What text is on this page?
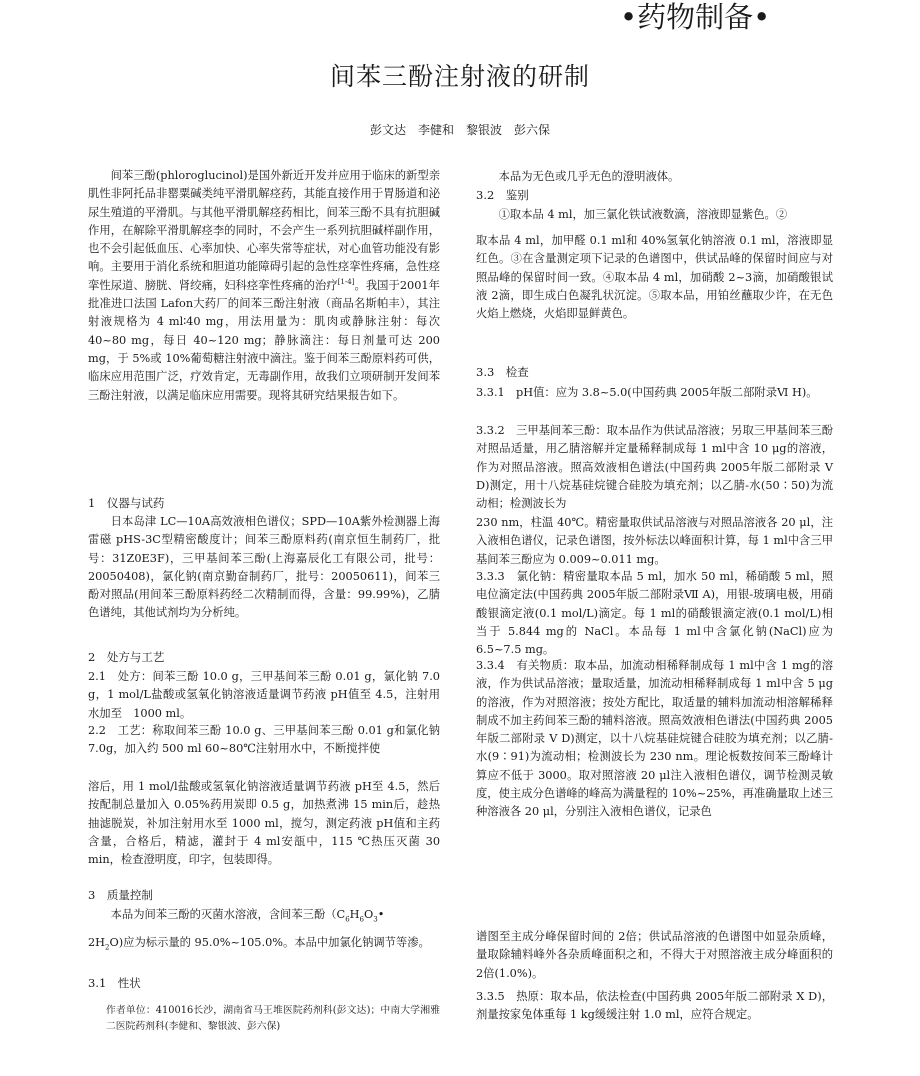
•药物制备•
间苯三酚注射液的研制
彭文达　李健和　黎银波　彭六保

间苯三酚(phloroglucinol)是国外新近开发并应用于临床的新型亲肌性非阿托品非罂粟碱类纯平滑肌解痉药，其能直接作用于胃肠道和泌尿生殖道的平滑肌。与其他平滑肌解痉药相比，间苯三酚不具有抗胆碱作用，在解除平滑肌解痉李的同时，不会产生一系列抗胆碱样副作用，也不会引起低血压、心率加快、心率失常等症状，对心血管功能没有影响。主要用于消化系统和胆道功能障碍引起的急性痉挛性疼痛，急性痉挛性尿道、膀胱、肾绞痛，妇科痉挛性疼痛的治疗[1-4]。我国于2001年批准进口法国 Lafon大药厂的间苯三酚注射液（商品名斯帕丰），其注射液规格为 4 ml∶40 mg，用法用量为：肌肉或静脉注射：每次 40~80 mg，每日 40~120 mg；静脉滴注：每日剂量可达 200 mg，于 5%或 10%葡萄糖注射液中滴注。鉴于间苯三酚原料药可供，临床应用范围广泛，疗效肯定，无毒副作用，故我们立项研制开发间苯三酚注射液，以满足临床应用需要。现将其研究结果报告如下。

1　仪器与试药

日本岛津 LC—10A高效液相色谱仪；SPD—10A紫外检测器上海雷磁 pHS-3C型精密酸度计；间苯三酚原料药(南京恒生制药厂，批号：31Z0E3F)，三甲基间苯三酚(上海嘉辰化工有限公司，批号：20050408)，氯化钠(南京勤奋制药厂，批号：20050611)，间苯三酚对照品(用间苯三酚原料药经二次精制而得，含量：99.99%)，乙腈色谱纯，其他试剂均为分析纯。

2　处方与工艺

2.1　处方：间苯三酚 10.0 g，三甲基间苯三酚 0.01 g，氯化钠 7.0 g，1 mol/L盐酸或氢氧化钠溶液适量调节药液 pH值至 4.5，注射用水加至　1000 ml。

2.2　工艺：称取间苯三酚 10.0 g、三甲基间苯三酚 0.01 g和氯化钠 7.0g，加入约 500 ml 60~80℃注射用水中，不断搅拌使

溶后，用 1 mol/l盐酸或氢氧化钠溶液适量调节药液 pH至 4.5，然后按配制总量加入 0.05%药用炭即 0.5 g，加热煮沸 15 min后，趁热抽滤脱炭，补加注射用水至 1000 ml，搅匀，测定药液 pH值和主药含量，合格后，精滤，灌封于 4 ml安瓿中，115 ℃热压灭菌 30 min，检查澄明度，印字，包装即得。

3　质量控制

本品为间苯三酚的灭菌水溶液，含间苯三酚（$C_6H_6O_3•$

$2H_2O$)应为标示量的 95.0%~105.0%。本品中加氯化钠调节等渗。

3.1　性状
作者单位：410016长沙，湖南省马王堆医院药剂科(彭文达)；中南大学湘雅二医院药剂科(李健和、黎银波、彭六保)

本品为无色或几乎无色的澄明液体。

3.2　鉴别

①取本品 4 ml，加三氯化铁试液数滴，溶液即显紫色。②

取本品 4 ml，加甲醛 0.1 ml和 40%氢氧化钠溶液 0.1 ml，溶液即显红色。③在含量测定项下记录的色谱图中，供试品峰的保留时间应与对照品峰的保留时间一致。④取本品 4 ml，加硝酸 2~3滴，加硝酸银试液 2滴，即生成白色凝乳状沉淀。⑤取本品，用铂丝蘸取少许，在无色火焰上燃烧，火焰即显鲜黄色。

3.3　检查

3.3.1　pH值：应为 3.8~5.0(中国药典 2005年版二部附录Ⅵ H)。

3.3.2　三甲基间苯三酚：取本品作为供试品溶液；另取三甲基间苯三酚对照品适量，用乙腈溶解并定量稀释制成每 1 ml中含 10 μg的溶液，作为对照品溶液。照高效液相色谱法(中国药典 2005年版二部附录 V D)测定，用十八烷基硅烷键合硅胶为填充剂；以乙腈-水(50∶50)为流动相；检测波长为

230 nm，柱温 40℃。精密量取供试品溶液与对照品溶液各 20 μl，注入液相色谱仪，记录色谱图，按外标法以峰面积计算，每 1 ml中含三甲基间苯三酚应为 0.009~0.011 mg。

3.3.3　氯化钠：精密量取本品 5 ml，加水 50 ml，稀硝酸 5 ml，照电位滴定法(中国药典 2005年版二部附录Ⅶ A)，用银-玻璃电极，用硝酸银滴定液(0.1 mol/L)滴定。每 1 ml的硝酸银滴定液(0.1 mol/L)相当于 5.844 mg的 NaCl。本品每 1 ml中含氯化钠(NaCl)应为 6.5~7.5 mg。

3.3.4　有关物质：取本品，加流动相稀释制成每 1 ml中含 1 mg的溶液，作为供试品溶液；量取适量，加流动相稀释制成每 1 ml中含 5 μg的溶液，作为对照溶液；按处方配比，取适量的辅料加流动相溶解稀释制成不加主药间苯三酚的辅料溶液。照高效液相色谱法(中国药典 2005年版二部附录 V D)测定，以十八烷基硅烷键合硅胶为填充剂；以乙腈-水(9∶91)为流动相；检测波长为 230 nm。理论板数按间苯三酚峰计算应不低于 3000。取对照溶液 20 μl注入液相色谱仪，调节检测灵敏度，使主成分色谱峰的峰高为满量程的 10%~25%，再准确量取上述三种溶液各 20 μl，分别注入液相色谱仪，记录色

谱图至主成分峰保留时间的 2倍；供试品溶液的色谱图中如显杂质峰，量取除辅料峰外各杂质峰面积之和，不得大于对照溶液主成分峰面积的 2倍(1.0%)。

3.3.5　热原：取本品，依法检查(中国药典 2005年版二部附录 X D)，剂量按家兔体重每 1 kg缓缓注射 1.0 ml，应符合规定。
